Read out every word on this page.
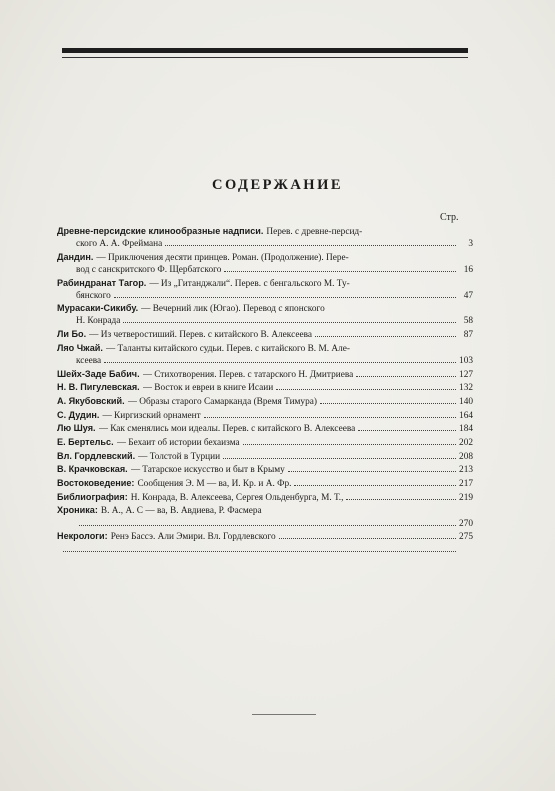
СОДЕРЖАНИЕ
Стр.
Древне-персидские клинообразные надписи. Перев. с древне-персид-
ского А. А. Фреймана	3
Дандин. — Приключения десяти принцев. Роман. (Продолжение). Пере-
вод с санскритского Ф. Щербатского	16
Рабиндранат Тагор. — Из „Гитанджали“. Перев. с бенгальского М. Ту-
бянского	47
Мурасаки-Сикибу. — Вечерний лик (Югао). Перевод с японского
Н. Конрада	58
Ли Бо. — Из четверостиший. Перев. с китайского В. Алексеева	87
Ляо Чжай. — Таланты китайского судьи. Перев. с китайского В. М. Але-
ксеева	103
Шейх-Заде Бабич. — Стихотворения. Перев. с татарского Н. Дмитриева	127
Н. В. Пигулевская. — Восток и евреи в книге Исаии	132
А. Якубовский. — Образы старого Самарканда (Время Тимура)	140
С. Дудин. — Киргизский орнамент	164
Лю Шуя. — Как сменялись мои идеалы. Перев. с китайского В. Алексеева	184
Е. Бертельс. — Бехаит об истории бехаизма	202
Вл. Гордлевский. — Толстой в Турции	208
В. Крачковская. — Татарское искусство и быт в Крыму	213
Востоковедение: Сообщения Э. М — ва, И. Кр. и А. Фр.	217
Библиография: Н. Конрада, В. Алексеева, Сергея Ольденбурга, М. Т.,	219
Хроника: В. А., А. С — ва, В. Авдиева, Р. Фасмера
270
Некрологи: Ренэ Бассэ. Али Эмири. Вл. Гордлевского	275
